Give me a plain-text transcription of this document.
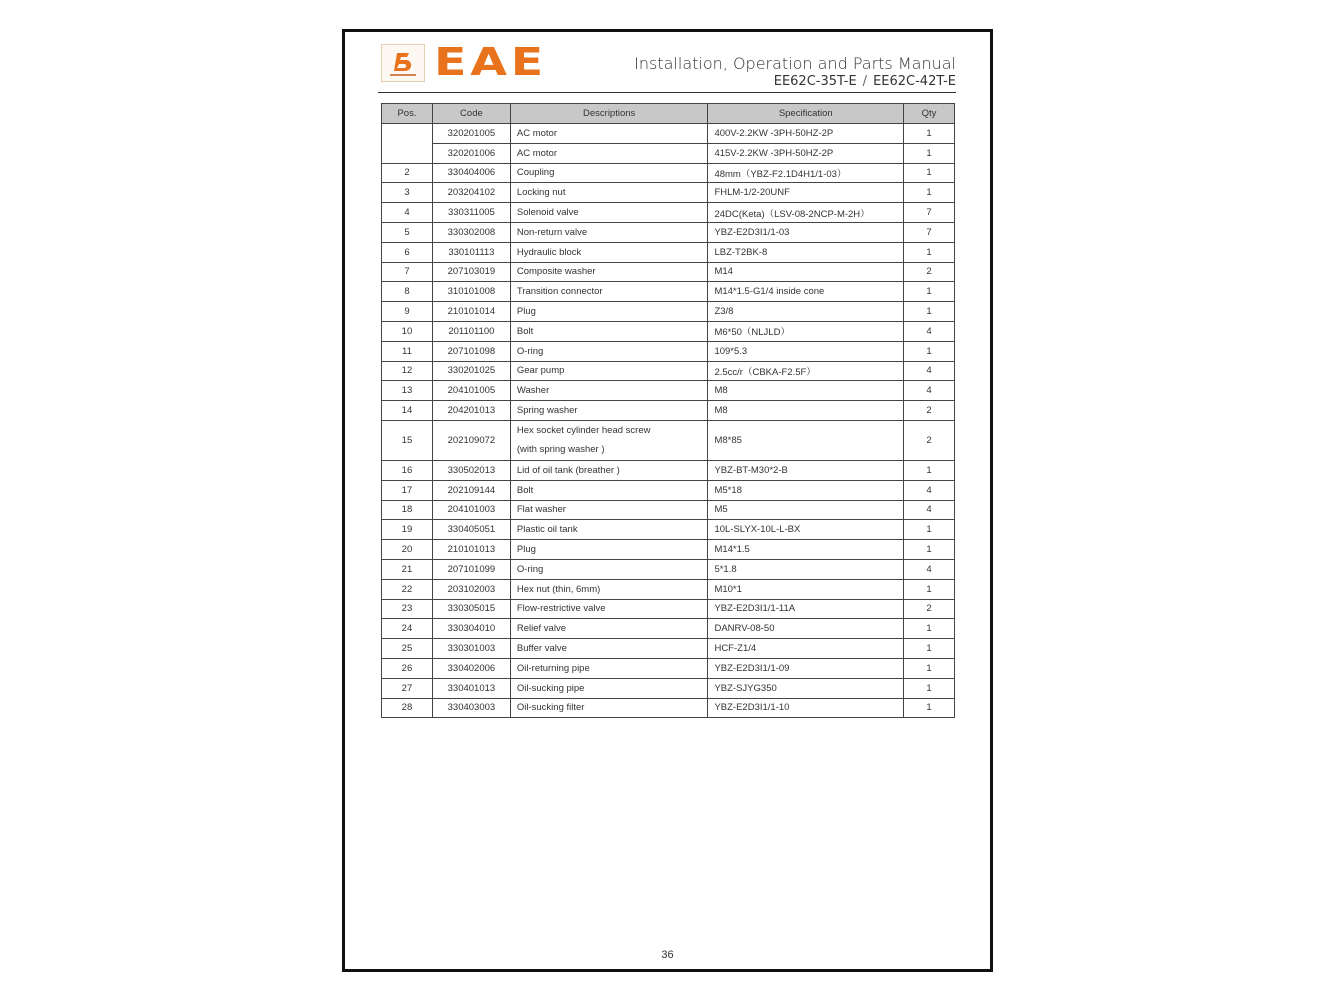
EAE	Installation, Operation and Parts Manual
EE62C-35T-E / EE62C-42T-E
Pos.	Code	Descriptions	Specification	Qty
	320201005	AC motor	400V-2.2KW -3PH-50HZ-2P	1
	320201006	AC motor	415V-2.2KW -3PH-50HZ-2P	1
2	330404006	Coupling	48mm（YBZ-F2.1D4H1/1-03）	1
3	203204102	Locking nut	FHLM-1/2-20UNF	1
4	330311005	Solenoid valve	24DC(Keta)（LSV-08-2NCP-M-2H）	7
5	330302008	Non-return valve	YBZ-E2D3I1/1-03	7
6	330101113	Hydraulic block	LBZ-T2BK-8	1
7	207103019	Composite washer	M14	2
8	310101008	Transition connector	M14*1.5-G1/4 inside cone	1
9	210101014	Plug	Z3/8	1
10	201101100	Bolt	M6*50（NLJLD）	4
11	207101098	O-ring	109*5.3	1
12	330201025	Gear pump	2.5cc/r（CBKA-F2.5F）	4
13	204101005	Washer	M8	4
14	204201013	Spring washer	M8	2
15	202109072	Hex socket cylinder head screw
(with spring washer )	M8*85	2
16	330502013	Lid of oil tank (breather )	YBZ-BT-M30*2-B	1
17	202109144	Bolt	M5*18	4
18	204101003	Flat washer	M5	4
19	330405051	Plastic oil tank	10L-SLYX-10L-L-BX	1
20	210101013	Plug	M14*1.5	1
21	207101099	O-ring	5*1.8	4
22	203102003	Hex nut (thin, 6mm)	M10*1	1
23	330305015	Flow-restrictive valve	YBZ-E2D3I1/1-11A	2
24	330304010	Relief valve	DANRV-08-50	1
25	330301003	Buffer valve	HCF-Z1/4	1
26	330402006	Oil-returning pipe	YBZ-E2D3I1/1-09	1
27	330401013	Oil-sucking pipe	YBZ-SJYG350	1
28	330403003	Oil-sucking filter	YBZ-E2D3I1/1-10	1
36
